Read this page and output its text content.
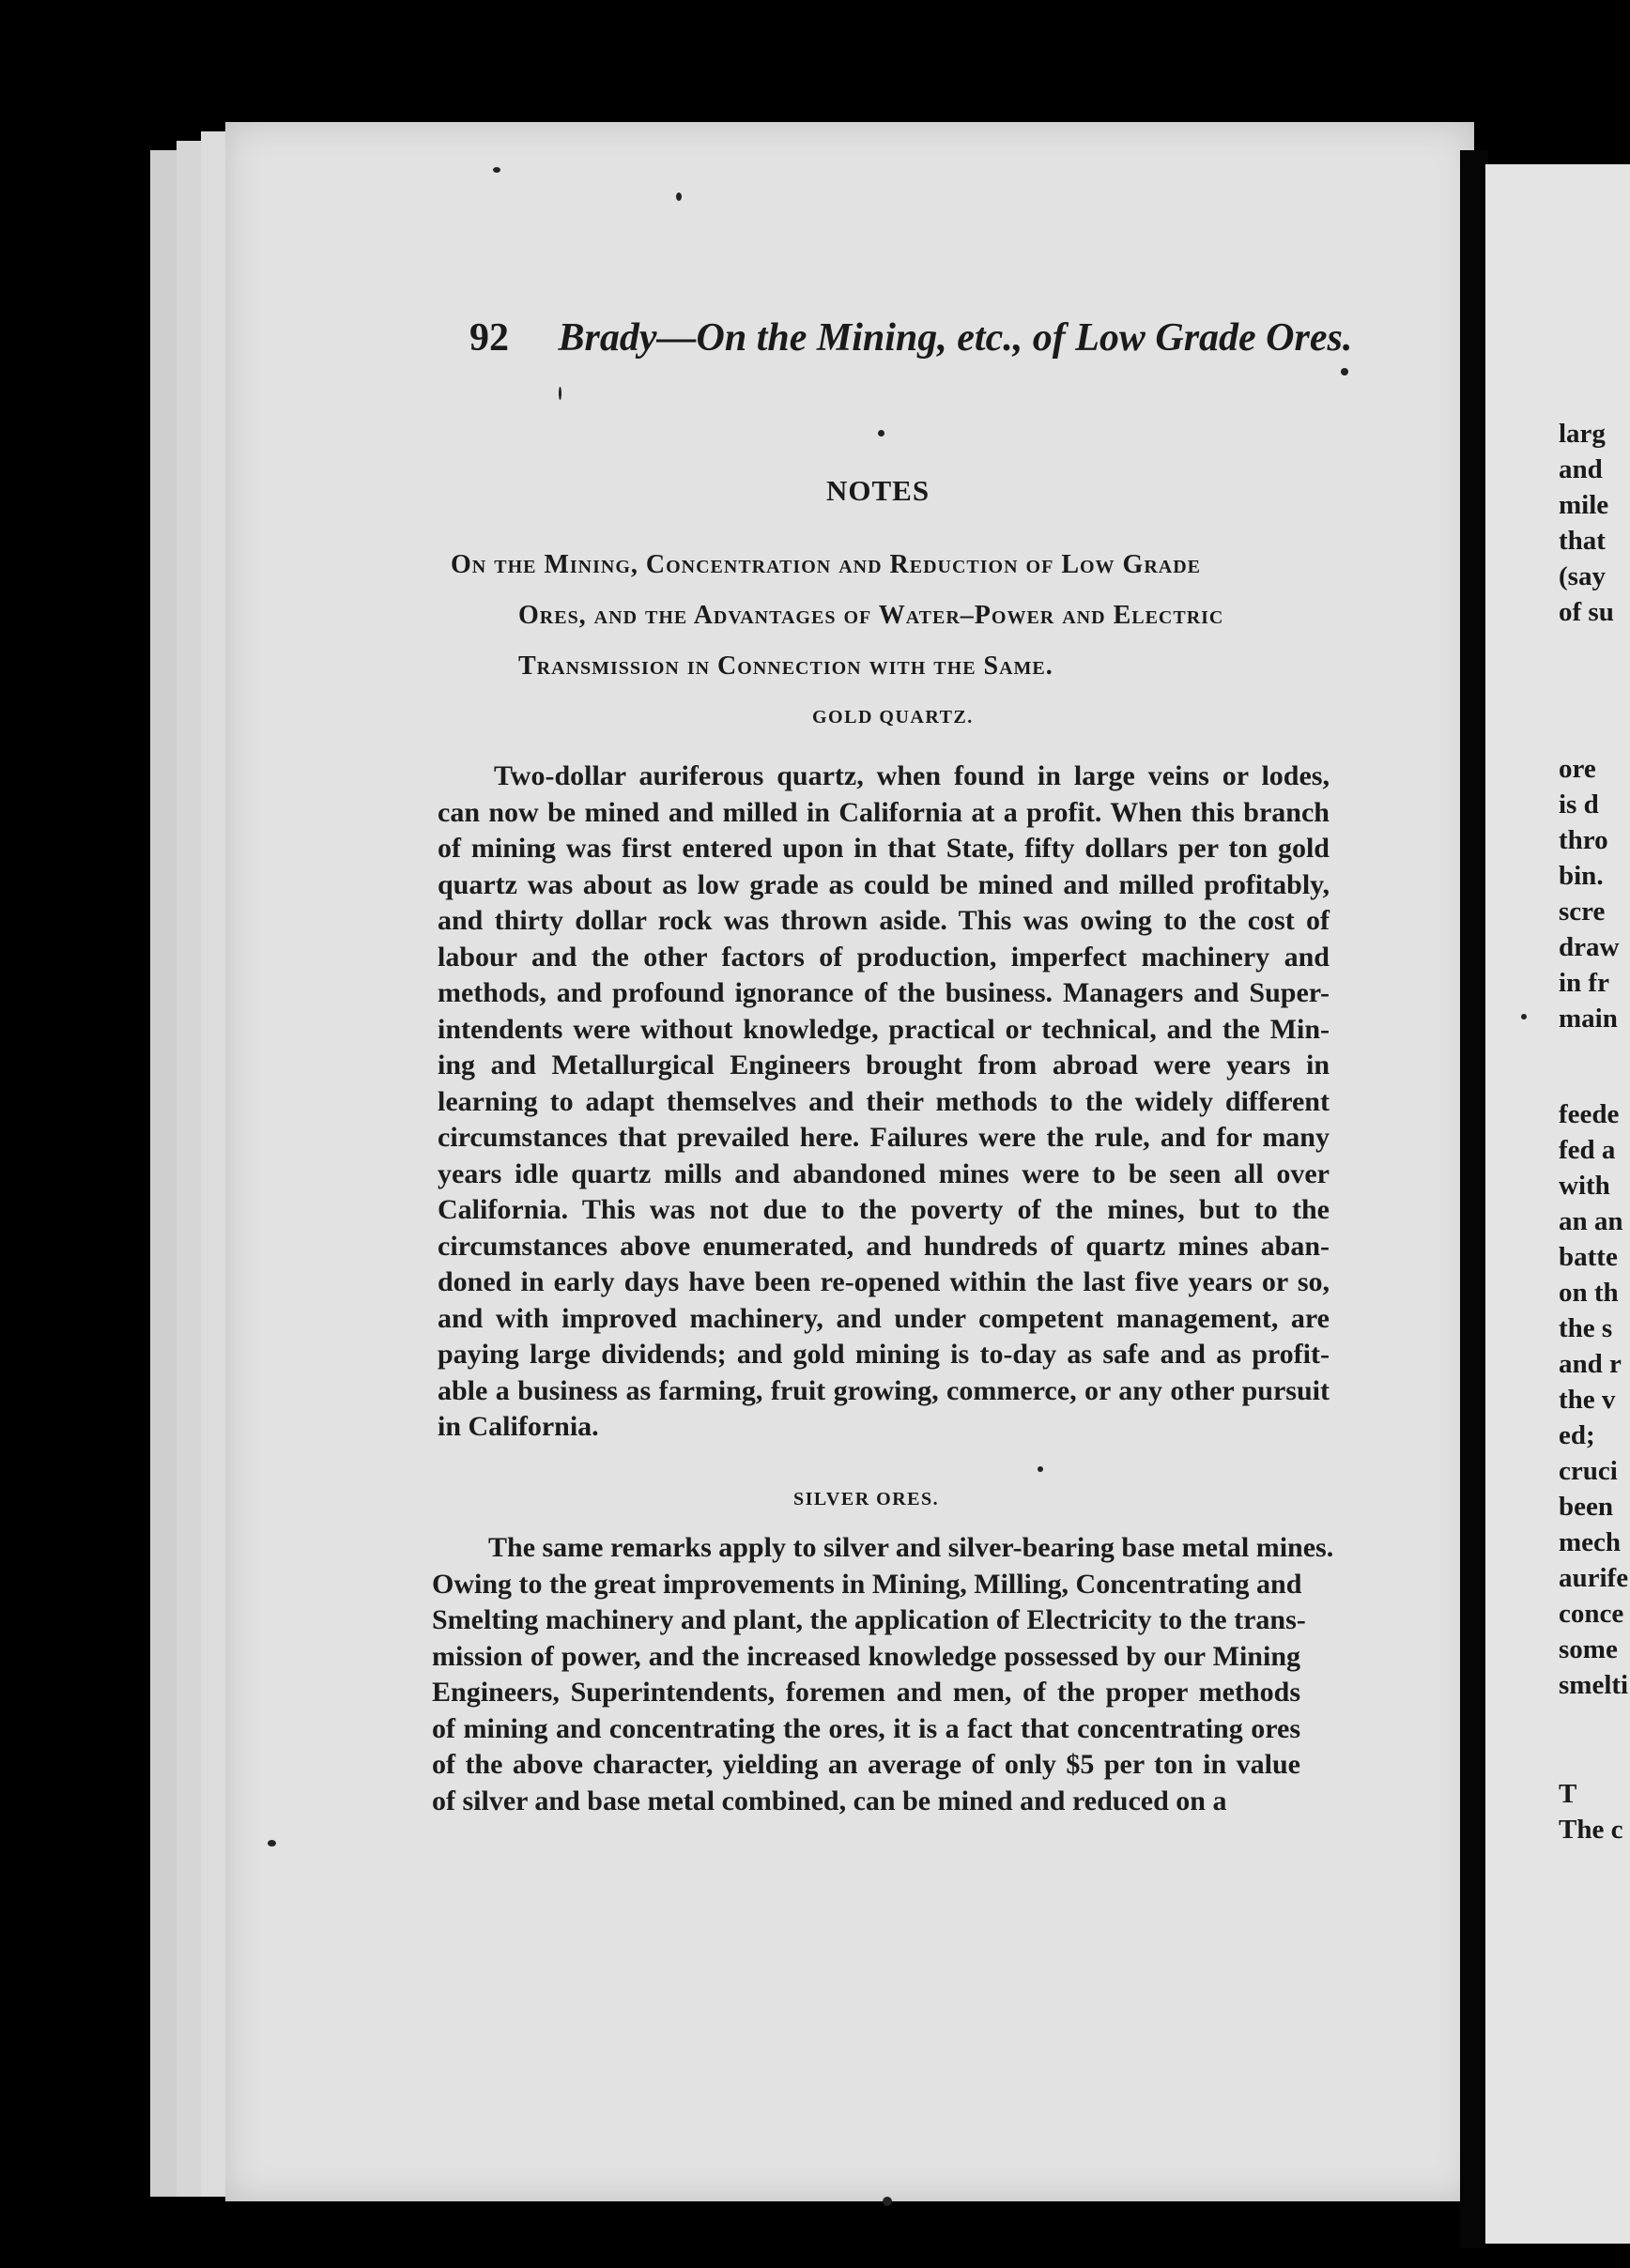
92 Brady—On the Mining, etc., of Low Grade Ores.
NOTES
On the Mining, Concentration and Reduction of Low Grade
Ores, and the Advantages of Water–Power and Electric
Transmission in Connection with the Same.
GOLD QUARTZ.
Two-dollar auriferous quartz, when found in large veins or lodes,
can now be mined and milled in California at a profit. When this branch
of mining was first entered upon in that State, fifty dollars per ton gold
quartz was about as low grade as could be mined and milled profitably,
and thirty dollar rock was thrown aside. This was owing to the cost of
labour and the other factors of production, imperfect machinery and
methods, and profound ignorance of the business. Managers and Super-
intendents were without knowledge, practical or technical, and the Min-
ing and Metallurgical Engineers brought from abroad were years in
learning to adapt themselves and their methods to the widely different
circumstances that prevailed here. Failures were the rule, and for many
years idle quartz mills and abandoned mines were to be seen all over
California. This was not due to the poverty of the mines, but to the
circumstances above enumerated, and hundreds of quartz mines aban-
doned in early days have been re-opened within the last five years or so,
and with improved machinery, and under competent management, are
paying large dividends; and gold mining is to-day as safe and as profit-
able a business as farming, fruit growing, commerce, or any other pursuit
in California.
SILVER ORES.
The same remarks apply to silver and silver-bearing base metal mines.
Owing to the great improvements in Mining, Milling, Concentrating and
Smelting machinery and plant, the application of Electricity to the trans-
mission of power, and the increased knowledge possessed by our Mining
Engineers, Superintendents, foremen and men, of the proper methods
of mining and concentrating the ores, it is a fact that concentrating ores
of the above character, yielding an average of only $5 per ton in value
of silver and base metal combined, can be mined and reduced on a
larg
and
mile
that
(say
of su
ore
is d
thro
bin.
scre
draw
in fr
main
feede
fed a
with
an an
batte
on th
the s
and r
the v
ed;
cruci
been
mech
aurife
conce
some
smelti
T
The c
